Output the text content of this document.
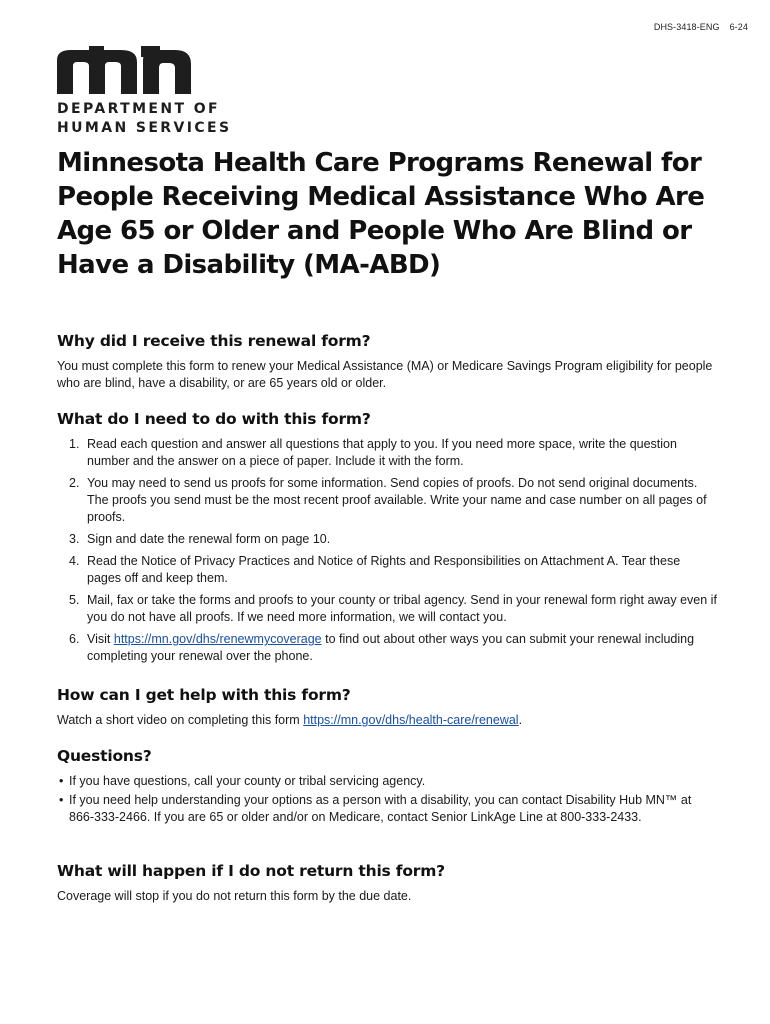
DHS-3418-ENG 6-24
DEPARTMENT OF
HUMAN SERVICES
Minnesota Health Care Programs Renewal for People Receiving Medical Assistance Who Are Age 65 or Older and People Who Are Blind or Have a Disability (MA-ABD)
Why did I receive this renewal form?

You must complete this form to renew your Medical Assistance (MA) or Medicare Savings Program eligibility for people who are blind, have a disability, or are 65 years old or older.

What do I need to do with this form?
1. Read each question and answer all questions that apply to you. If you need more space, write the question number and the answer on a piece of paper. Include it with the form.
2. You may need to send us proofs for some information. Send copies of proofs. Do not send original documents. The proofs you send must be the most recent proof available. Write your name and case number on all pages of proofs.
3. Sign and date the renewal form on page 10.
4. Read the Notice of Privacy Practices and Notice of Rights and Responsibilities on Attachment A. Tear these pages off and keep them.
5. Mail, fax or take the forms and proofs to your county or tribal agency. Send in your renewal form right away even if you do not have all proofs. If we need more information, we will contact you.
6. Visit https://mn.gov/dhs/renewmycoverage to find out about other ways you can submit your renewal including completing your renewal over the phone.
How can I get help with this form?

Watch a short video on completing this form https://mn.gov/dhs/health-care/renewal.

Questions?
• If you have questions, call your county or tribal servicing agency.
• If you need help understanding your options as a person with a disability, you can contact Disability Hub MN™ at 866-333-2466. If you are 65 or older and/or on Medicare, contact Senior LinkAge Line at 800-333-2433.
What will happen if I do not return this form?

Coverage will stop if you do not return this form by the due date.
